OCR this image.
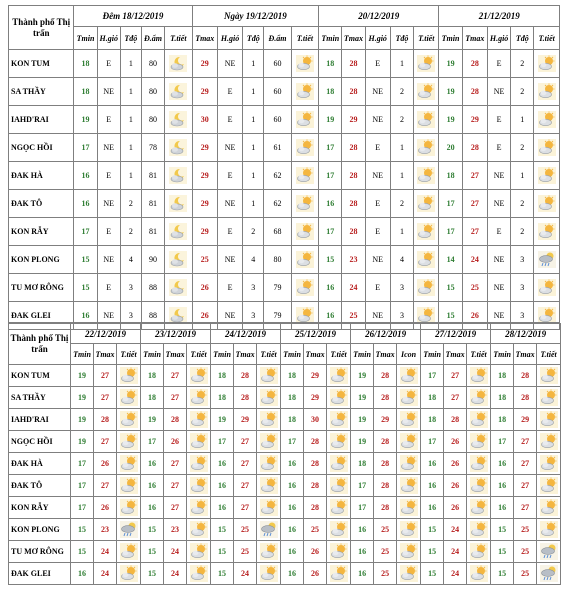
Thành phố Thị trấn	Đêm 18/12/2019					Ngày 19/12/2019					20/12/2019					21/12/2019				
	Tmin	H.gió	Tđộ	Đ.ẩm	T.tiết	Tmax	H.gió	Tđộ	Đ.ẩm	T.tiết	Tmin	Tmax	H.gió	Tđộ	T.tiết	Tmin	Tmax	H.gió	Tđộ	T.tiết
KON TUM	18	E	1	80		29	NE	1	60		18	28	E	1		19	28	E	2	

SA THẦY	18	NE	1	80		29	E	1	60		18	28	NE	2		19	28	NE	2	

IAHD'RAI	19	E	1	80		30	E	1	60		19	29	NE	2		19	29	E	1	

NGỌC HỒI	17	NE	1	78		29	NE	1	61		17	28	E	1		20	28	E	2	

ĐAK HÀ	16	E	1	81		29	E	1	62		17	28	NE	1		18	27	NE	1	

ĐAK TÔ	16	NE	2	81		29	NE	1	62		16	28	E	2		17	27	NE	2	

KON RẪY	17	E	2	81		29	E	2	68		17	28	E	1		17	27	E	2	

KON PLONG	15	NE	4	90		25	NE	4	80		15	23	NE	4		14	24	NE	3	

TU MƠ RÔNG	15	E	3	88		26	E	3	79		16	24	E	3		15	25	NE	3	

ĐAK GLEI	16	NE	3	88		26	NE	3	79		16	25	NE	3		15	26	NE	3	
Thành phố Thị trấn	22/12/2019			23/12/2019			24/12/2019			25/12/2019			26/12/2019			27/12/2019			28/12/2019		
	Tmin	Tmax	T.tiết	Tmin	Tmax	T.tiết	Tmin	Tmax	T.tiết	Tmin	Tmax	T.tiết	Tmin	Tmax	Icon	Tmin	Tmax	T.tiết	Tmin	Tmax	T.tiết
KON TUM	19	27		18	27		18	28		18	29		19	28		17	27		18	28	

SA THẦY	19	27		18	27		18	28		18	29		19	28		18	27		18	28	

IAHD'RAI	19	28		19	28		19	29		18	30		19	29		18	28		18	29	

NGỌC HỒI	19	27		17	26		17	27		17	28		19	28		17	26		17	27	

ĐAK HÀ	17	26		16	27		16	27		16	28		18	28		16	26		16	27	

ĐAK TÔ	17	27		16	27		16	27		16	28		17	28		16	26		16	27	

KON RẪY	17	26		16	27		16	27		16	28		17	28		16	26		16	27	

KON PLONG	15	23		15	23		15	25		16	25		16	25		15	24		15	25	

TU MƠ RÔNG	15	24		15	24		15	25		16	26		16	25		15	24		15	25	

ĐAK GLEI	16	24		15	24		15	24		16	26		16	25		15	24		15	25	
